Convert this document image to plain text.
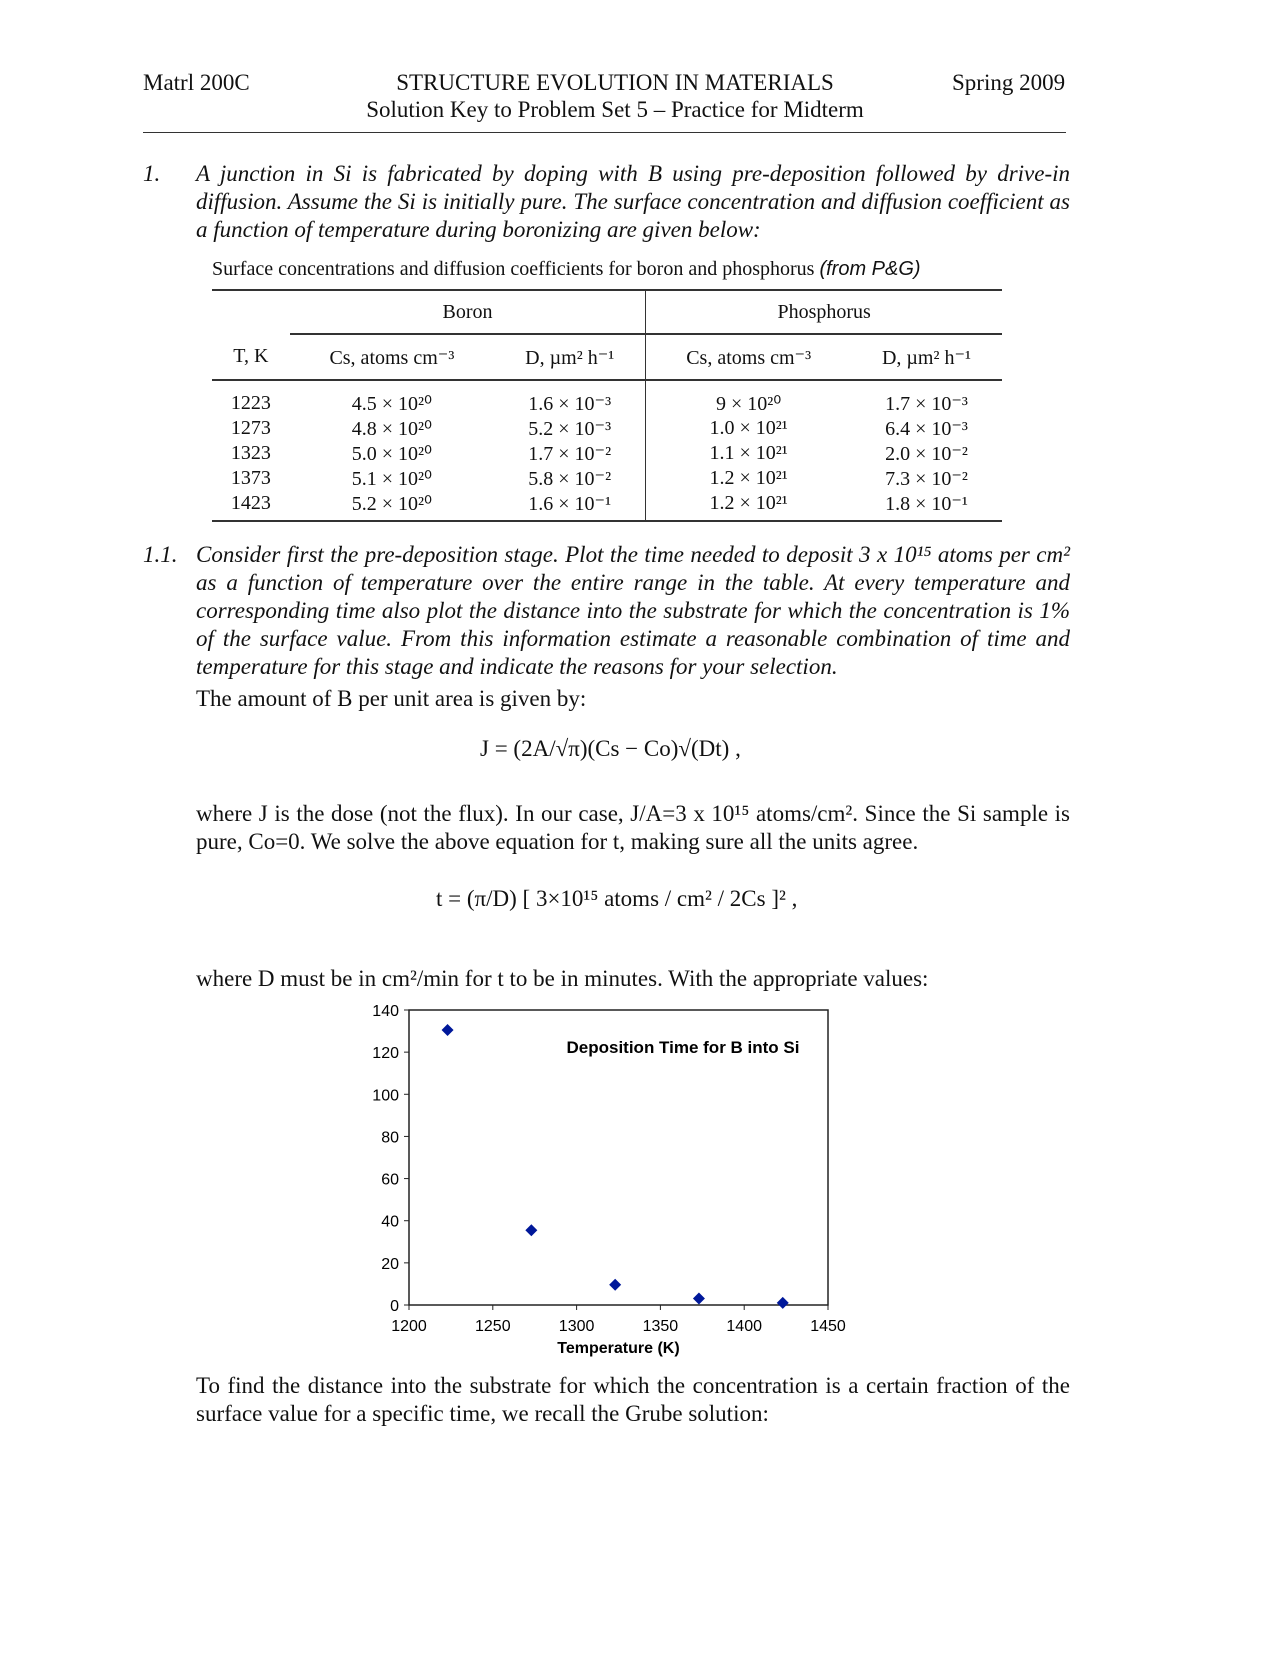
Matrl 200C	STRUCTURE EVOLUTION IN MATERIALS
Solution Key to Problem Set 5 – Practice for Midterm
Spring 2009
1. A junction in Si is fabricated by doping with B using pre-deposition followed by drive-in diffusion. Assume the Si is initially pure. The surface concentration and diffusion coefficient as a function of temperature during boronizing are given below:
Surface concentrations and diffusion coefficients for boron and phosphorus (from P&G)
	Boron		Phosphorus	
T, K	Cs, atoms cm⁻³	D, µm² h⁻¹	Cs, atoms cm⁻³	D, µm² h⁻¹
1223	4.5 × 10²⁰	1.6 × 10⁻³	9 × 10²⁰	1.7 × 10⁻³
1273	4.8 × 10²⁰	5.2 × 10⁻³	1.0 × 10²¹	6.4 × 10⁻³
1323	5.0 × 10²⁰	1.7 × 10⁻²	1.1 × 10²¹	2.0 × 10⁻²
1373	5.1 × 10²⁰	5.8 × 10⁻²	1.2 × 10²¹	7.3 × 10⁻²
1423	5.2 × 10²⁰	1.6 × 10⁻¹	1.2 × 10²¹	1.8 × 10⁻¹
1.1. Consider first the pre-deposition stage. Plot the time needed to deposit 3 x 10¹⁵ atoms per cm² as a function of temperature over the entire range in the table. At every temperature and corresponding time also plot the distance into the substrate for which the concentration is 1% of the surface value. From this information estimate a reasonable combination of time and temperature for this stage and indicate the reasons for your selection.
The amount of B per unit area is given by:
J = (2A/√π)(Cs − Co)√(Dt) ,
where J is the dose (not the flux). In our case, J/A=3 x 10¹⁵ atoms/cm². Since the Si sample is pure, Co=0. We solve the above equation for t, making sure all the units agree.
t = (π/D) [ 3×10¹⁵ atoms / cm² / 2Cs ]² ,
where D must be in cm²/min for t to be in minutes. With the appropriate values:
0
20
40
60
80
100
120
140
1200	1250	1300	1350	1400	1450
Temperature (K)
Deposition Time for B into Si
To find the distance into the substrate for which the concentration is a certain fraction of the surface value for a specific time, we recall the Grube solution:
